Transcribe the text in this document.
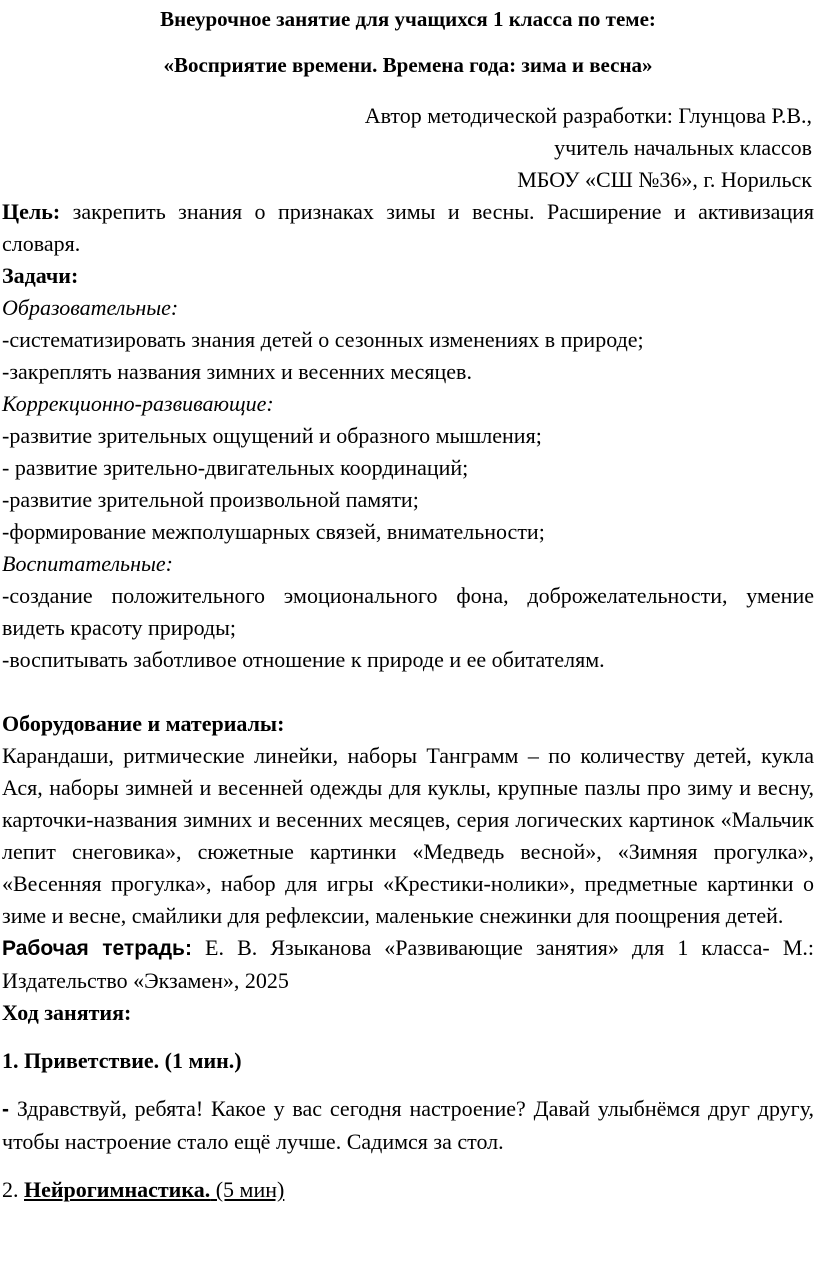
Внеурочное занятие для учащихся 1 класса по теме:

«Восприятие времени. Времена года: зима и весна»

Автор методической разработки: Глунцова Р.В.,
учитель начальных классов
МБОУ «СШ №36», г. Норильск

Цель: закрепить знания о признаках зимы и весны. Расширение и активизация словаря.

Задачи:

Образовательные:

-систематизировать знания детей о сезонных изменениях в природе;

-закреплять названия зимних и весенних месяцев.

Коррекционно-развивающие:

-развитие зрительных ощущений и образного мышления;

- развитие зрительно-двигательных координаций;

-развитие зрительной произвольной памяти;

-формирование межполушарных связей, внимательности;

Воспитательные:

-создание положительного эмоционального фона, доброжелательности, умение видеть красоту природы;

-воспитывать заботливое отношение к природе и ее обитателям.

Оборудование и материалы:

Карандаши, ритмические линейки, наборы Танграмм – по количеству детей, кукла Ася, наборы зимней и весенней одежды для куклы, крупные пазлы про зиму и весну, карточки-названия зимних и весенних месяцев, серия логических картинок «Мальчик лепит снеговика», сюжетные картинки «Медведь весной», «Зимняя прогулка», «Весенняя прогулка», набор для игры «Крестики-нолики», предметные картинки о зиме и весне, смайлики для рефлексии, маленькие снежинки для поощрения детей.

Рабочая тетрадь: Е. В. Языканова «Развивающие занятия» для 1 класса- М.: Издательство «Экзамен», 2025

Ход занятия:

1. Приветствие. (1 мин.)

- Здравствуй, ребята! Какое у вас сегодня настроение? Давай улыбнёмся друг другу, чтобы настроение стало ещё лучше. Садимся за стол.

2. Нейрогимнастика. (5 мин)
